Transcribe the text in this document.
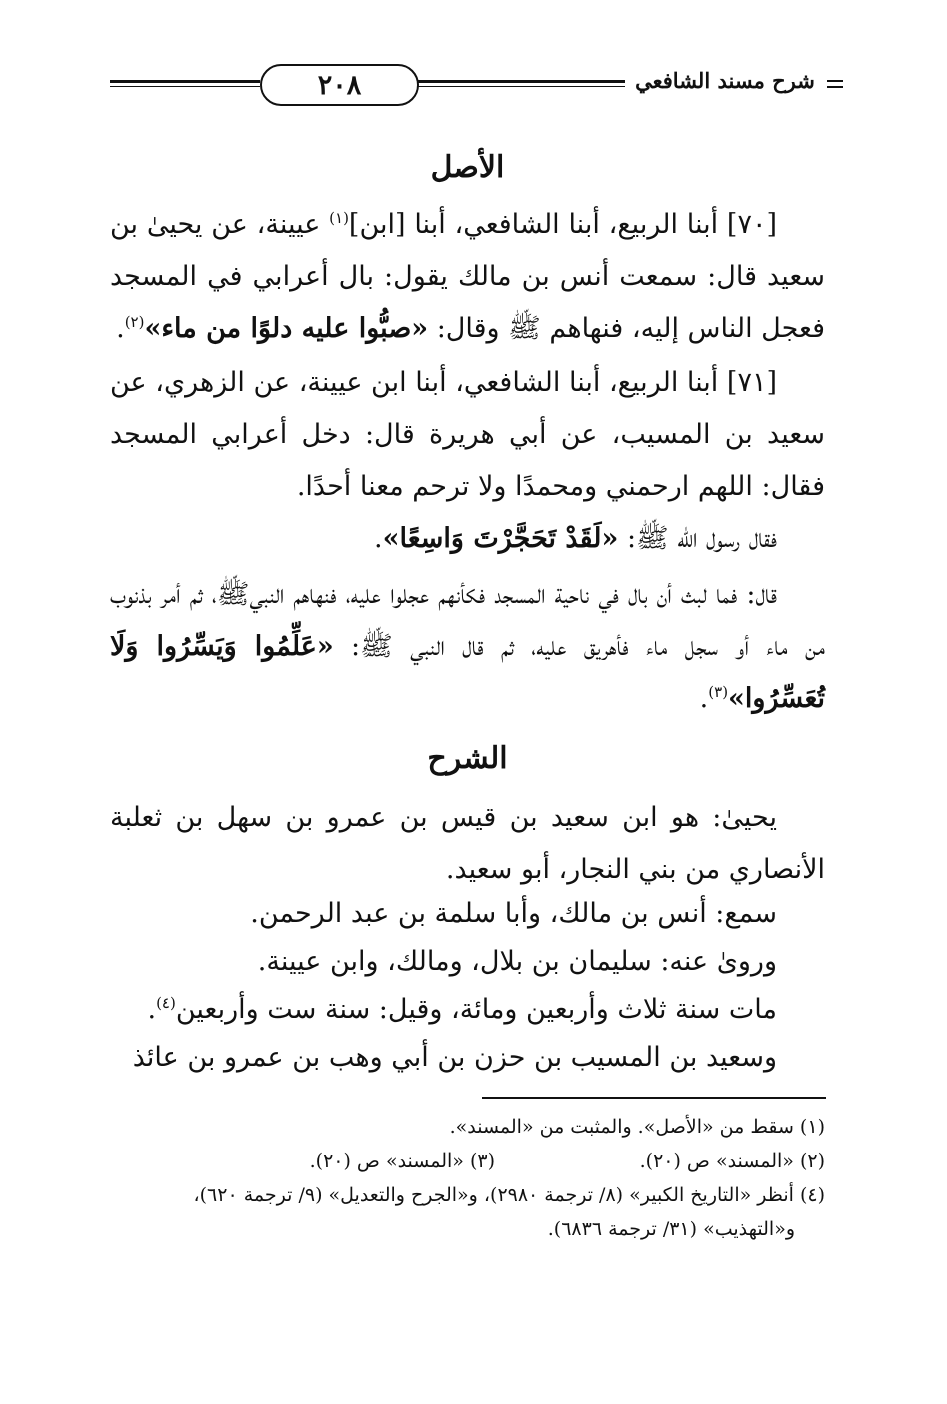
٢٠٨	شرح مسند الشافعي
الأصل

[٧٠] أبنا الربيع، أبنا الشافعي، أبنا [ابن]$^{(١)}$ عيينة، عن يحيىٰ بن سعيد قال: سمعت أنس بن مالك يقول: بال أعرابي في المسجد فعجل الناس إليه، فنهاهم ﷺ وقال: «صبُّوا عليه دلوًا من ماء»$^{(٢)}$.

[٧١] أبنا الربيع، أبنا الشافعي، أبنا ابن عيينة، عن الزهري، عن سعيد بن المسيب، عن أبي هريرة قال: دخل أعرابي المسجد فقال: اللهم ارحمني ومحمدًا ولا ترحم معنا أحدًا.

فقال رسول الله ﷺ: «لَقَدْ تَحَجَّرْتَ وَاسِعًا».

قال: فما لبث أن بال في ناحية المسجد فكأنهم عجلوا عليه، فنهاهم النبيﷺ، ثم أمر بذنوب من ماء أو سجل ماء فأهريق عليه، ثم قال النبي ﷺ: «عَلِّمُوا وَيَسِّرُوا وَلَا تُعَسِّرُوا»$^{(٣)}$.

الشرح

يحيىٰ: هو ابن سعيد بن قيس بن عمرو بن سهل بن ثعلبة الأنصاري من بني النجار، أبو سعيد.

سمع: أنس بن مالك، وأبا سلمة بن عبد الرحمن.

وروىٰ عنه: سليمان بن بلال، ومالك، وابن عيينة.

مات سنة ثلاث وأربعين ومائة، وقيل: سنة ست وأربعين$^{(٤)}$.

وسعيد بن المسيب بن حزن بن أبي وهب بن عمرو بن عائذ

(١) سقط من «الأصل». والمثبت من «المسند».

(٢) «المسند» ص (٢٠).

(٣) «المسند» ص (٢٠).

(٤) أنظر «التاريخ الكبير» (٨/ ترجمة ٢٩٨٠)، و«الجرح والتعديل» (٩/ ترجمة ٦٢٠)،

و«التهذيب» (٣١/ ترجمة ٦٨٣٦).
